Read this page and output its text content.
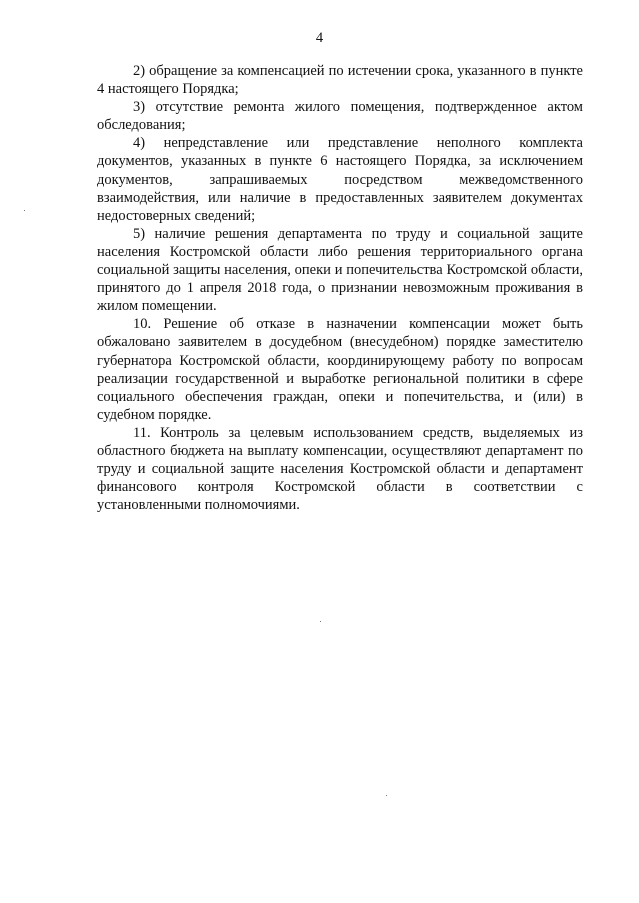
4

2) обращение за компенсацией по истечении срока, указанного в пункте 4 настоящего Порядка;

3) отсутствие ремонта жилого помещения, подтвержденное актом обследования;

4) непредставление или представление неполного комплекта документов, указанных в пункте 6 настоящего Порядка, за исключением документов, запрашиваемых посредством межведомственного взаимодействия, или наличие в предоставленных заявителем документах недостоверных сведений;

5) наличие решения департамента по труду и социальной защите населения Костромской области либо решения территориального органа социальной защиты населения, опеки и попечительства Костромской области, принятого до 1 апреля 2018 года, о признании невозможным проживания в жилом помещении.

10. Решение об отказе в назначении компенсации может быть обжаловано заявителем в досудебном (внесудебном) порядке заместителю губернатора Костромской области, координирующему работу по вопросам реализации государственной и выработке региональной политики в сфере социального обеспечения граждан, опеки и попечительства, и (или) в судебном порядке.

11. Контроль за целевым использованием средств, выделяемых из областного бюджета на выплату компенсации, осуществляют департамент по труду и социальной защите населения Костромской области и департамент финансового контроля Костромской области в соответствии с установленными полномочиями.
